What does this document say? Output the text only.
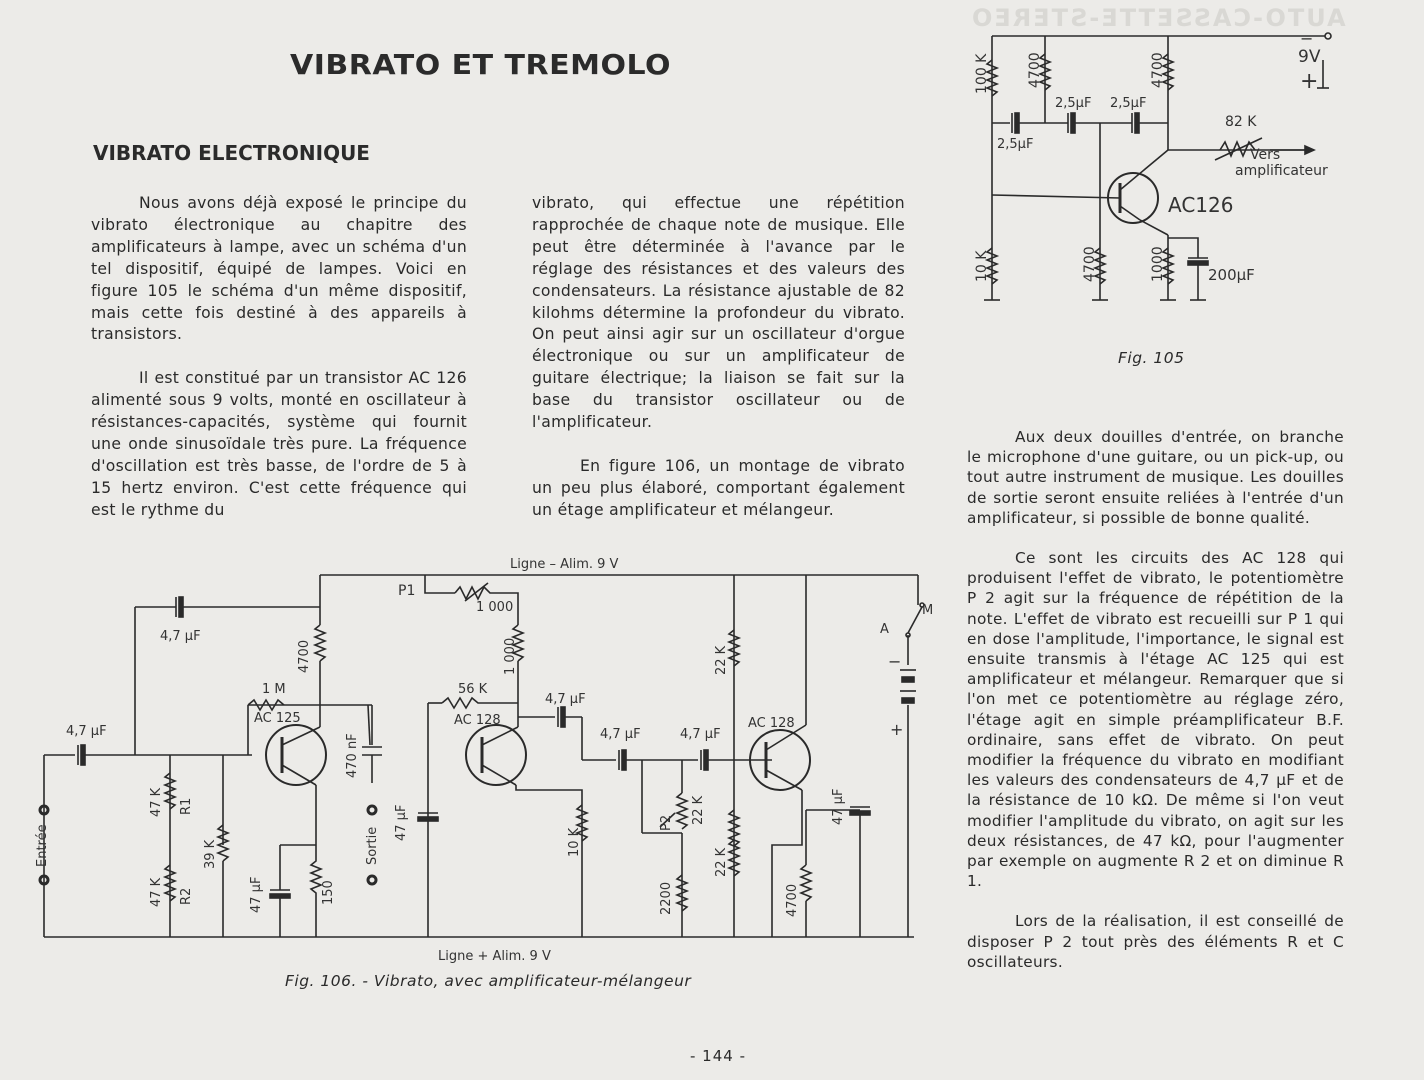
AUTO-CASSETTE-STEREO
VIBRATO ET TREMOLO
VIBRATO ELECTRONIQUE

Nous avons déjà exposé le principe du vibrato électronique au chapitre des amplificateurs à lampe, avec un schéma d'un tel dispositif, équipé de lampes. Voici en figure 105 le schéma d'un même dispositif, mais cette fois destiné à des appareils à transistors.

Il est constitué par un transistor AC 126 alimenté sous 9 volts, monté en oscillateur à résistances-capacités, système qui fournit une onde sinusoïdale très pure. La fréquence d'oscillation est très basse, de l'ordre de 5 à 15 hertz environ. C'est cette fréquence qui est le rythme du

vibrato, qui effectue une répétition rapprochée de chaque note de musique. Elle peut être déterminée à l'avance par le réglage des résistances et des valeurs des condensateurs. La résistance ajustable de 82 kilohms détermine la profondeur du vibrato. On peut ainsi agir sur un oscillateur d'orgue électronique ou sur un amplificateur de guitare électrique; la liaison se fait sur la base du transistor oscillateur ou de l'amplificateur.

En figure 106, un montage de vibrato un peu plus élaboré, comportant également un étage amplificateur et mélangeur.

Aux deux douilles d'entrée, on branche le microphone d'une guitare, ou un pick-up, ou tout autre instrument de musique. Les douilles de sortie seront ensuite reliées à l'entrée d'un amplificateur, si possible de bonne qualité.

Ce sont les circuits des AC 128 qui produisent l'effet de vibrato, le potentiomètre P 2 agit sur la fréquence de répétition de la note. L'effet de vibrato est recueilli sur P 1 qui en dose l'amplitude, l'importance, le signal est ensuite transmis à l'étage AC 125 qui est amplificateur et mélangeur. Remarquer que si l'on met ce potentiomètre au réglage zéro, l'étage agit en simple préamplificateur B.F. ordinaire, sans effet de vibrato. On peut modifier la fréquence du vibrato en modifiant les valeurs des condensateurs de 4,7 μF et de la résistance de 10 kΩ. De même si l'on veut modifier l'amplitude du vibrato, on agit sur les deux résistances, de 47 kΩ, pour l'augmenter par exemple on augmente R 2 et on diminue R 1.

Lors de la réalisation, il est conseillé de disposer P 2 tout près des éléments R et C oscillateurs.

100 K	4700	4700
2,5μF 2,5μF
2,5μF
82 K
Vers
amplificateur
AC126
10 K	4700	1000	200μF
9V
−
+
Fig. 105
Ligne – Alim. 9 V
Ligne + Alim. 9 V
P1
1 000
4,7 μF
4700
1 M
AC 125
4,7 μF
47 K R1
39 K
47 K R2	47 μF	150
470 nF
Sortie
Entrée
56 K
1 000
AC 128
4,7 μF
4,7 μF	4,7 μF
47 μF
10 K
P2 22 K
2200
22 K
22 K
AC 128
4700
47 μF
A
M
−
+
Fig. 106. - Vibrato, avec amplificateur-mélangeur
- 144 -
